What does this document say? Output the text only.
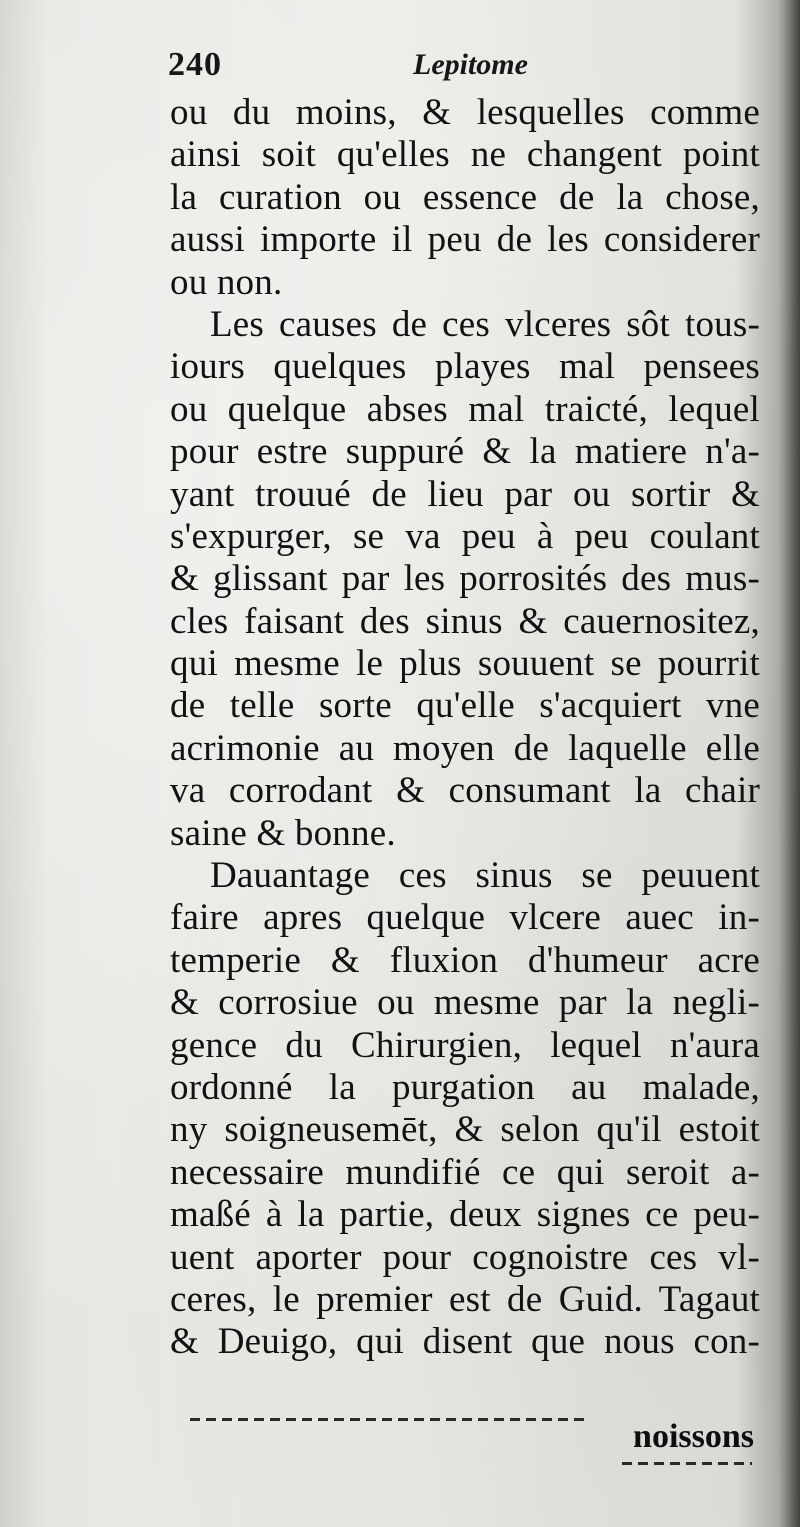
240	Lepitome
ou du moins, & lesquelles comme
ainsi soit qu'elles ne changent point
la curation ou essence de la chose,
aussi importe il peu de les considerer
ou non.
Les causes de ces vlceres sôt tous-
iours quelques playes mal pensees
ou quelque abses mal traicté, lequel
pour estre suppuré & la matiere n'a-
yant trouué de lieu par ou sortir &
s'expurger, se va peu à peu coulant
& glissant par les porrosités des mus-
cles faisant des sinus & cauernositez,
qui mesme le plus souuent se pourrit
de telle sorte qu'elle s'acquiert vne
acrimonie au moyen de laquelle elle
va corrodant & consumant la chair
saine & bonne.
Dauantage ces sinus se peuuent
faire apres quelque vlcere auec in-
temperie & fluxion d'humeur acre
& corrosiue ou mesme par la negli-
gence du Chirurgien, lequel n'aura
ordonné la purgation au malade,
ny soigneusemēt, & selon qu'il estoit
necessaire mundifié ce qui seroit a-
maßé à la partie, deux signes ce peu-
uent aporter pour cognoistre ces vl-
ceres, le premier est de Guid. Tagaut
& Deuigo, qui disent que nous con-
noissons
